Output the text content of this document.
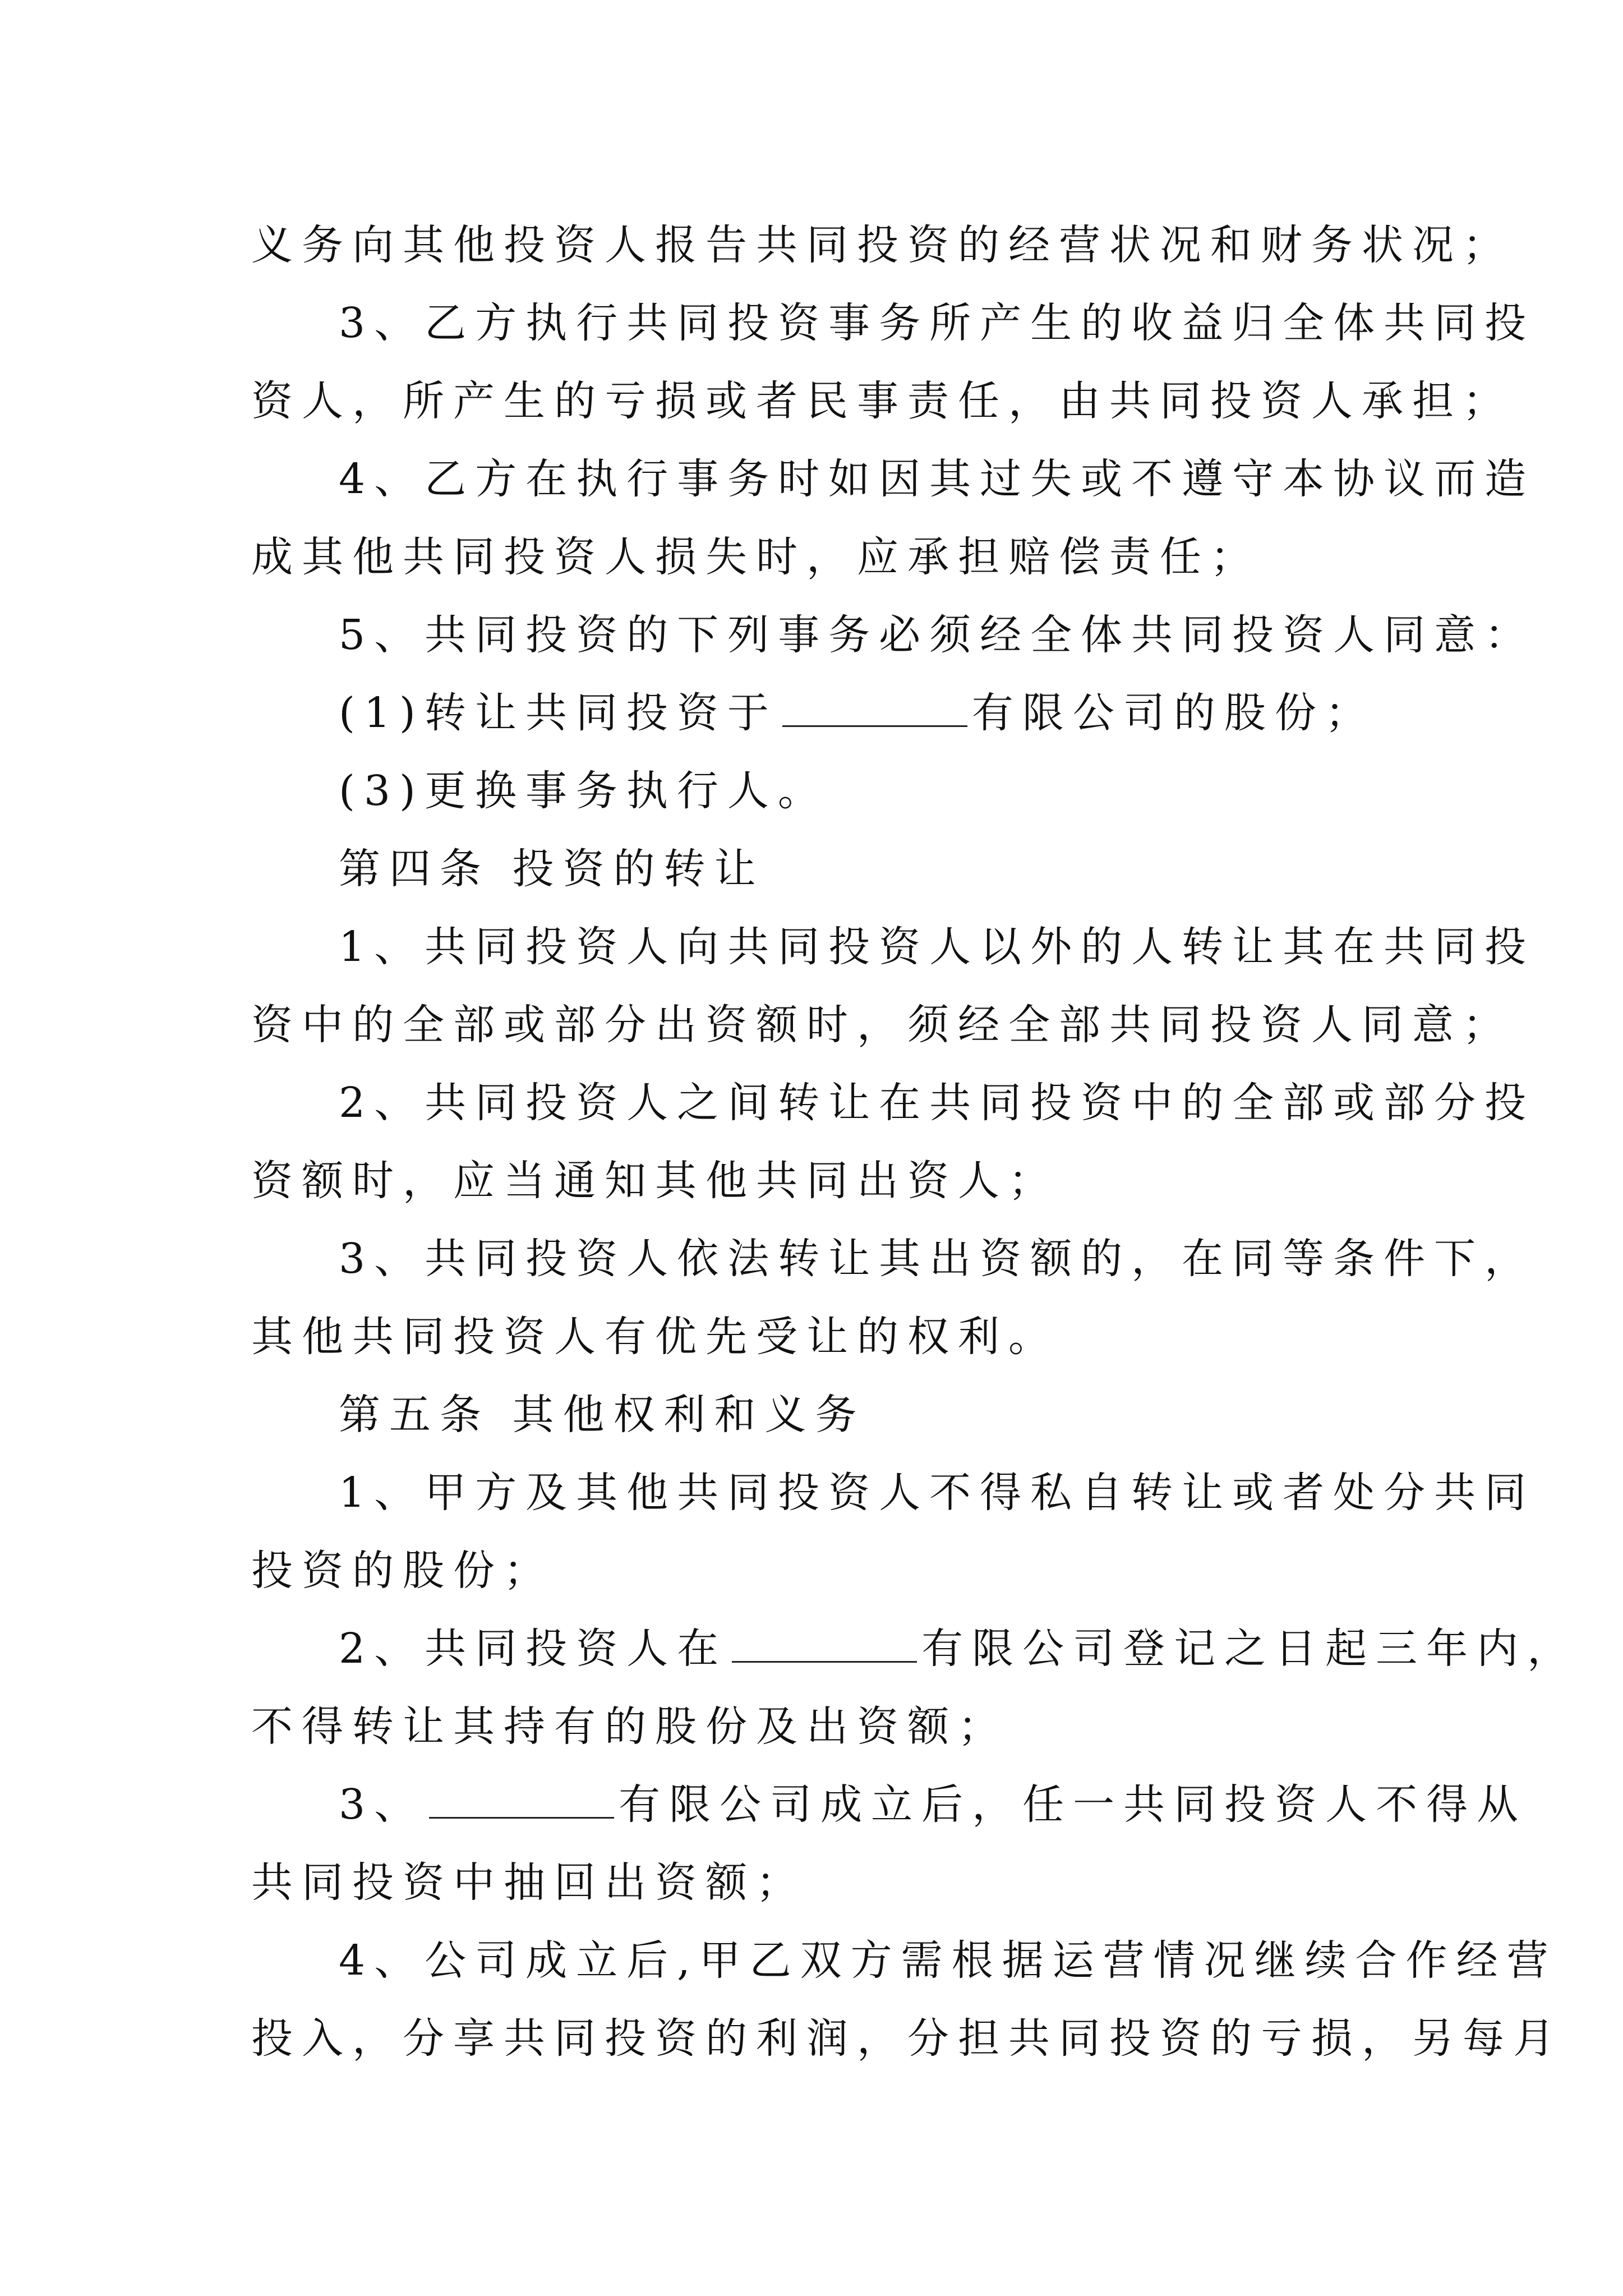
义务向其他投资人报告共同投资的经营状况和财务状况；
3、乙方执行共同投资事务所产生的收益归全体共同投
资人，所产生的亏损或者民事责任，由共同投资人承担；
4、乙方在执行事务时如因其过失或不遵守本协议而造
成其他共同投资人损失时，应承担赔偿责任；
5、共同投资的下列事务必须经全体共同投资人同意：
(1)转让共同投资于	有限公司的股份；
(3)更换事务执行人。
第四条 投资的转让
1、共同投资人向共同投资人以外的人转让其在共同投
资中的全部或部分出资额时，须经全部共同投资人同意；
2、共同投资人之间转让在共同投资中的全部或部分投
资额时，应当通知其他共同出资人；
3、共同投资人依法转让其出资额的，在同等条件下，
其他共同投资人有优先受让的权利。
第五条 其他权利和义务
1、甲方及其他共同投资人不得私自转让或者处分共同
投资的股份；
2、共同投资人在	有限公司登记之日起三年内，
不得转让其持有的股份及出资额；
3、	有限公司成立后，任一共同投资人不得从
共同投资中抽回出资额；
4、公司成立后,甲乙双方需根据运营情况继续合作经营
投入，分享共同投资的利润，分担共同投资的亏损，另每月
